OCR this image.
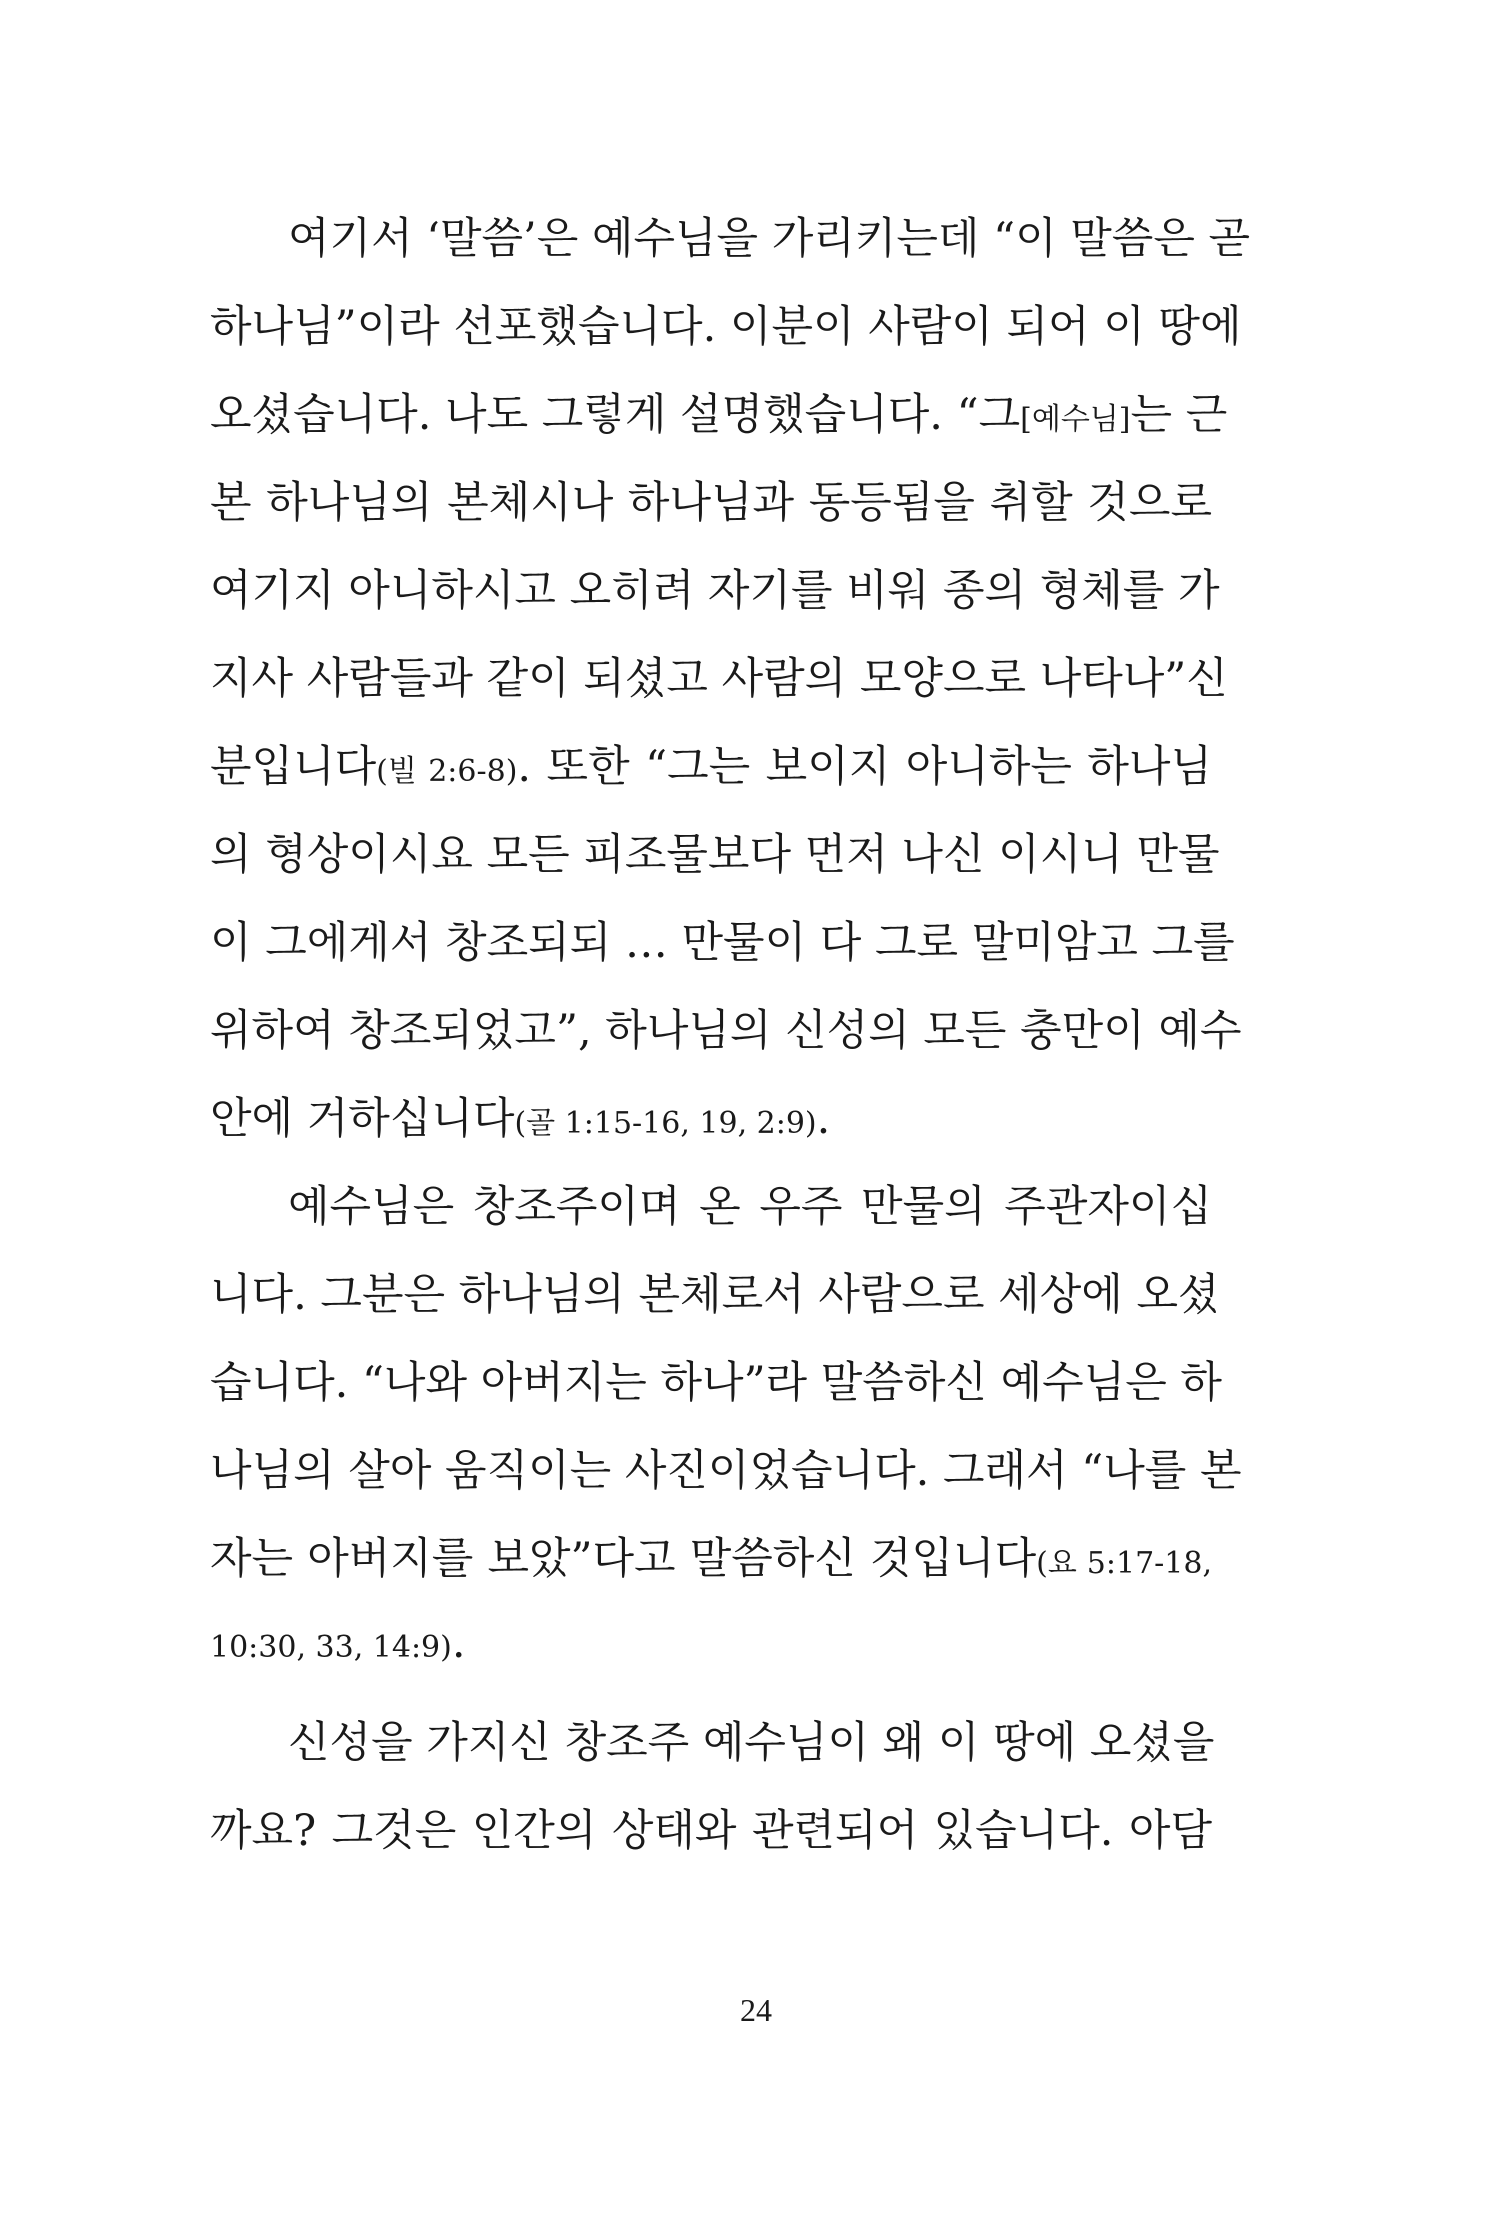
여기서 ‘말씀’은 예수님을 가리키는데 “이 말씀은 곧
하나님”이라 선포했습니다. 이분이 사람이 되어 이 땅에
오셨습니다. 나도 그렇게 설명했습니다. “그[예수님]는 근
본 하나님의 본체시나 하나님과 동등됨을 취할 것으로
여기지 아니하시고 오히려 자기를 비워 종의 형체를 가
지사 사람들과 같이 되셨고 사람의 모양으로 나타나”신
분입니다(빌 2:6-8). 또한 “그는 보이지 아니하는 하나님
의 형상이시요 모든 피조물보다 먼저 나신 이시니 만물
이 그에게서 창조되되 … 만물이 다 그로 말미암고 그를
위하여 창조되었고”, 하나님의 신성의 모든 충만이 예수
안에 거하십니다(골 1:15-16, 19, 2:9).
예수님은 창조주이며 온 우주 만물의 주관자이십
니다. 그분은 하나님의 본체로서 사람으로 세상에 오셨
습니다. “나와 아버지는 하나”라 말씀하신 예수님은 하
나님의 살아 움직이는 사진이었습니다. 그래서 “나를 본
자는 아버지를 보았”다고 말씀하신 것입니다(요 5:17-18,
10:30, 33, 14:9).
신성을 가지신 창조주 예수님이 왜 이 땅에 오셨을
까요? 그것은 인간의 상태와 관련되어 있습니다. 아담
24
